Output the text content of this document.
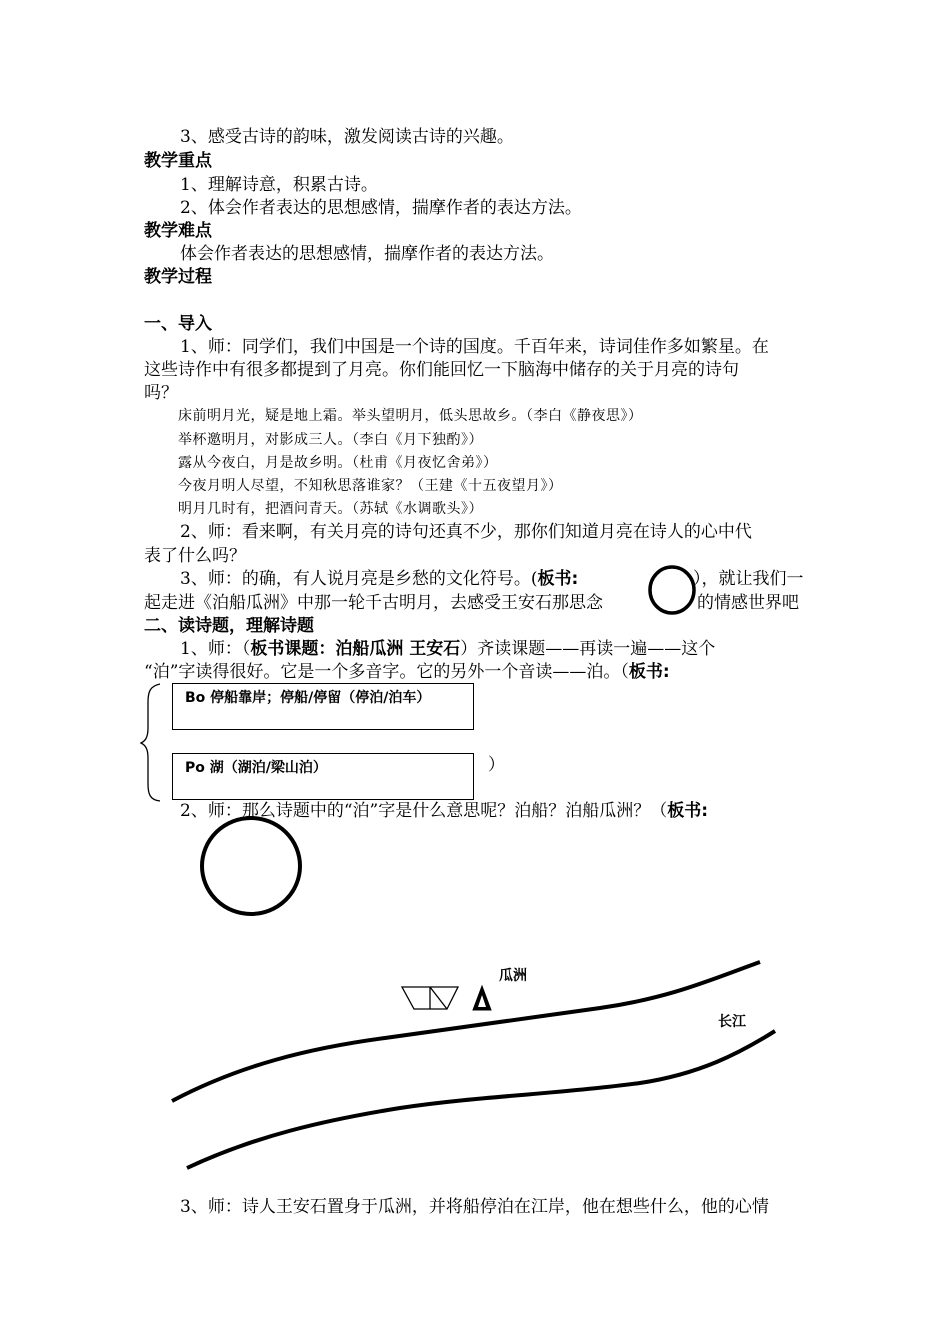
3、感受古诗的韵味，激发阅读古诗的兴趣。
教学重点
1、理解诗意，积累古诗。
2、体会作者表达的思想感情，揣摩作者的表达方法。
教学难点
体会作者表达的思想感情，揣摩作者的表达方法。
教学过程
一、导入
1、师：同学们，我们中国是一个诗的国度。千百年来，诗词佳作多如繁星。在
这些诗作中有很多都提到了月亮。你们能回忆一下脑海中储存的关于月亮的诗句
吗？
床前明月光，疑是地上霜。举头望明月，低头思故乡。（李白《静夜思》）
举杯邀明月，对影成三人。（李白《月下独酌》）
露从今夜白，月是故乡明。（杜甫《月夜忆舍弟》）
今夜月明人尽望，不知秋思落谁家？（王建《十五夜望月》）
明月几时有，把酒问青天。（苏轼《水调歌头》）
2、师：看来啊，有关月亮的诗句还真不少，那你们知道月亮在诗人的心中代
表了什么吗？
3、师：的确，有人说月亮是乡愁的文化符号。(板书:	），就让我们一
起走进《泊船瓜洲》中那一轮千古明月，去感受王安石那思念	的情感世界吧
二、读诗题，理解诗题
1、师：（板书课题：泊船瓜洲 王安石）齐读课题——再读一遍——这个
“泊”字读得很好。它是一个多音字。它的另外一个音读——泊。（板书:
Bo 停船靠岸；停船/停留（停泊/泊车）
Po 湖（湖泊/梁山泊）	）
2、师：那么诗题中的“泊”字是什么意思呢？泊船？泊船瓜洲？（板书:
瓜洲
长江
3、师：诗人王安石置身于瓜洲，并将船停泊在江岸，他在想些什么，他的心情
